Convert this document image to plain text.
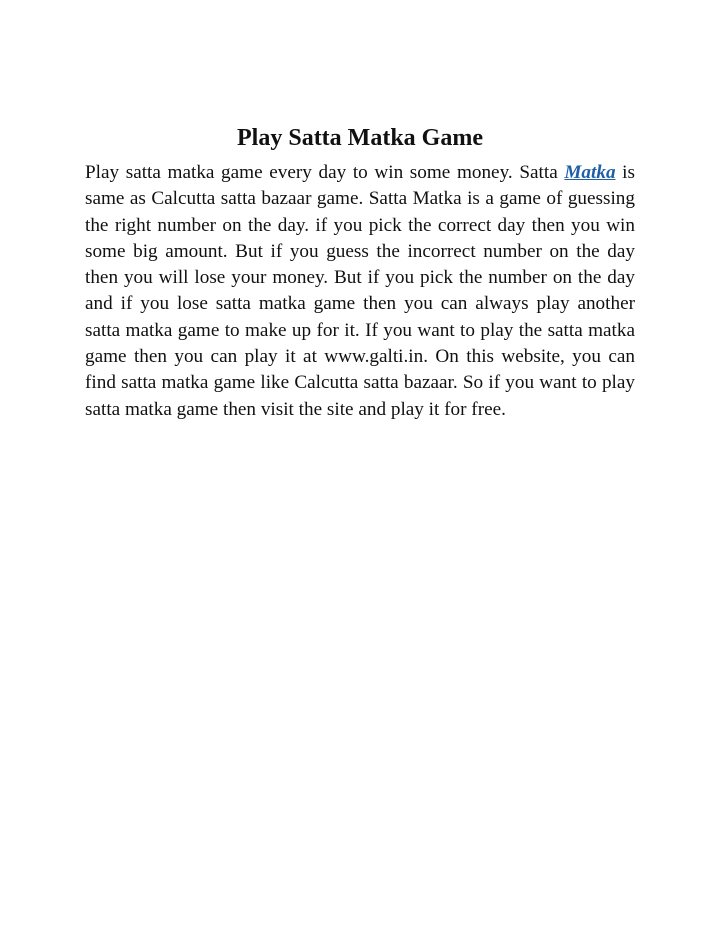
Play Satta Matka Game

Play satta matka game every day to win some money. Satta Matka is same as Calcutta satta bazaar game. Satta Matka is a game of guessing the right number on the day. if you pick the correct day then you win some big amount. But if you guess the incorrect number on the day then you will lose your money. But if you pick the number on the day and if you lose satta matka game then you can always play another satta matka game to make up for it. If you want to play the satta matka game then you can play it at www.galti.in. On this website, you can find satta matka game like Calcutta satta bazaar. So if you want to play satta matka game then visit the site and play it for free.
